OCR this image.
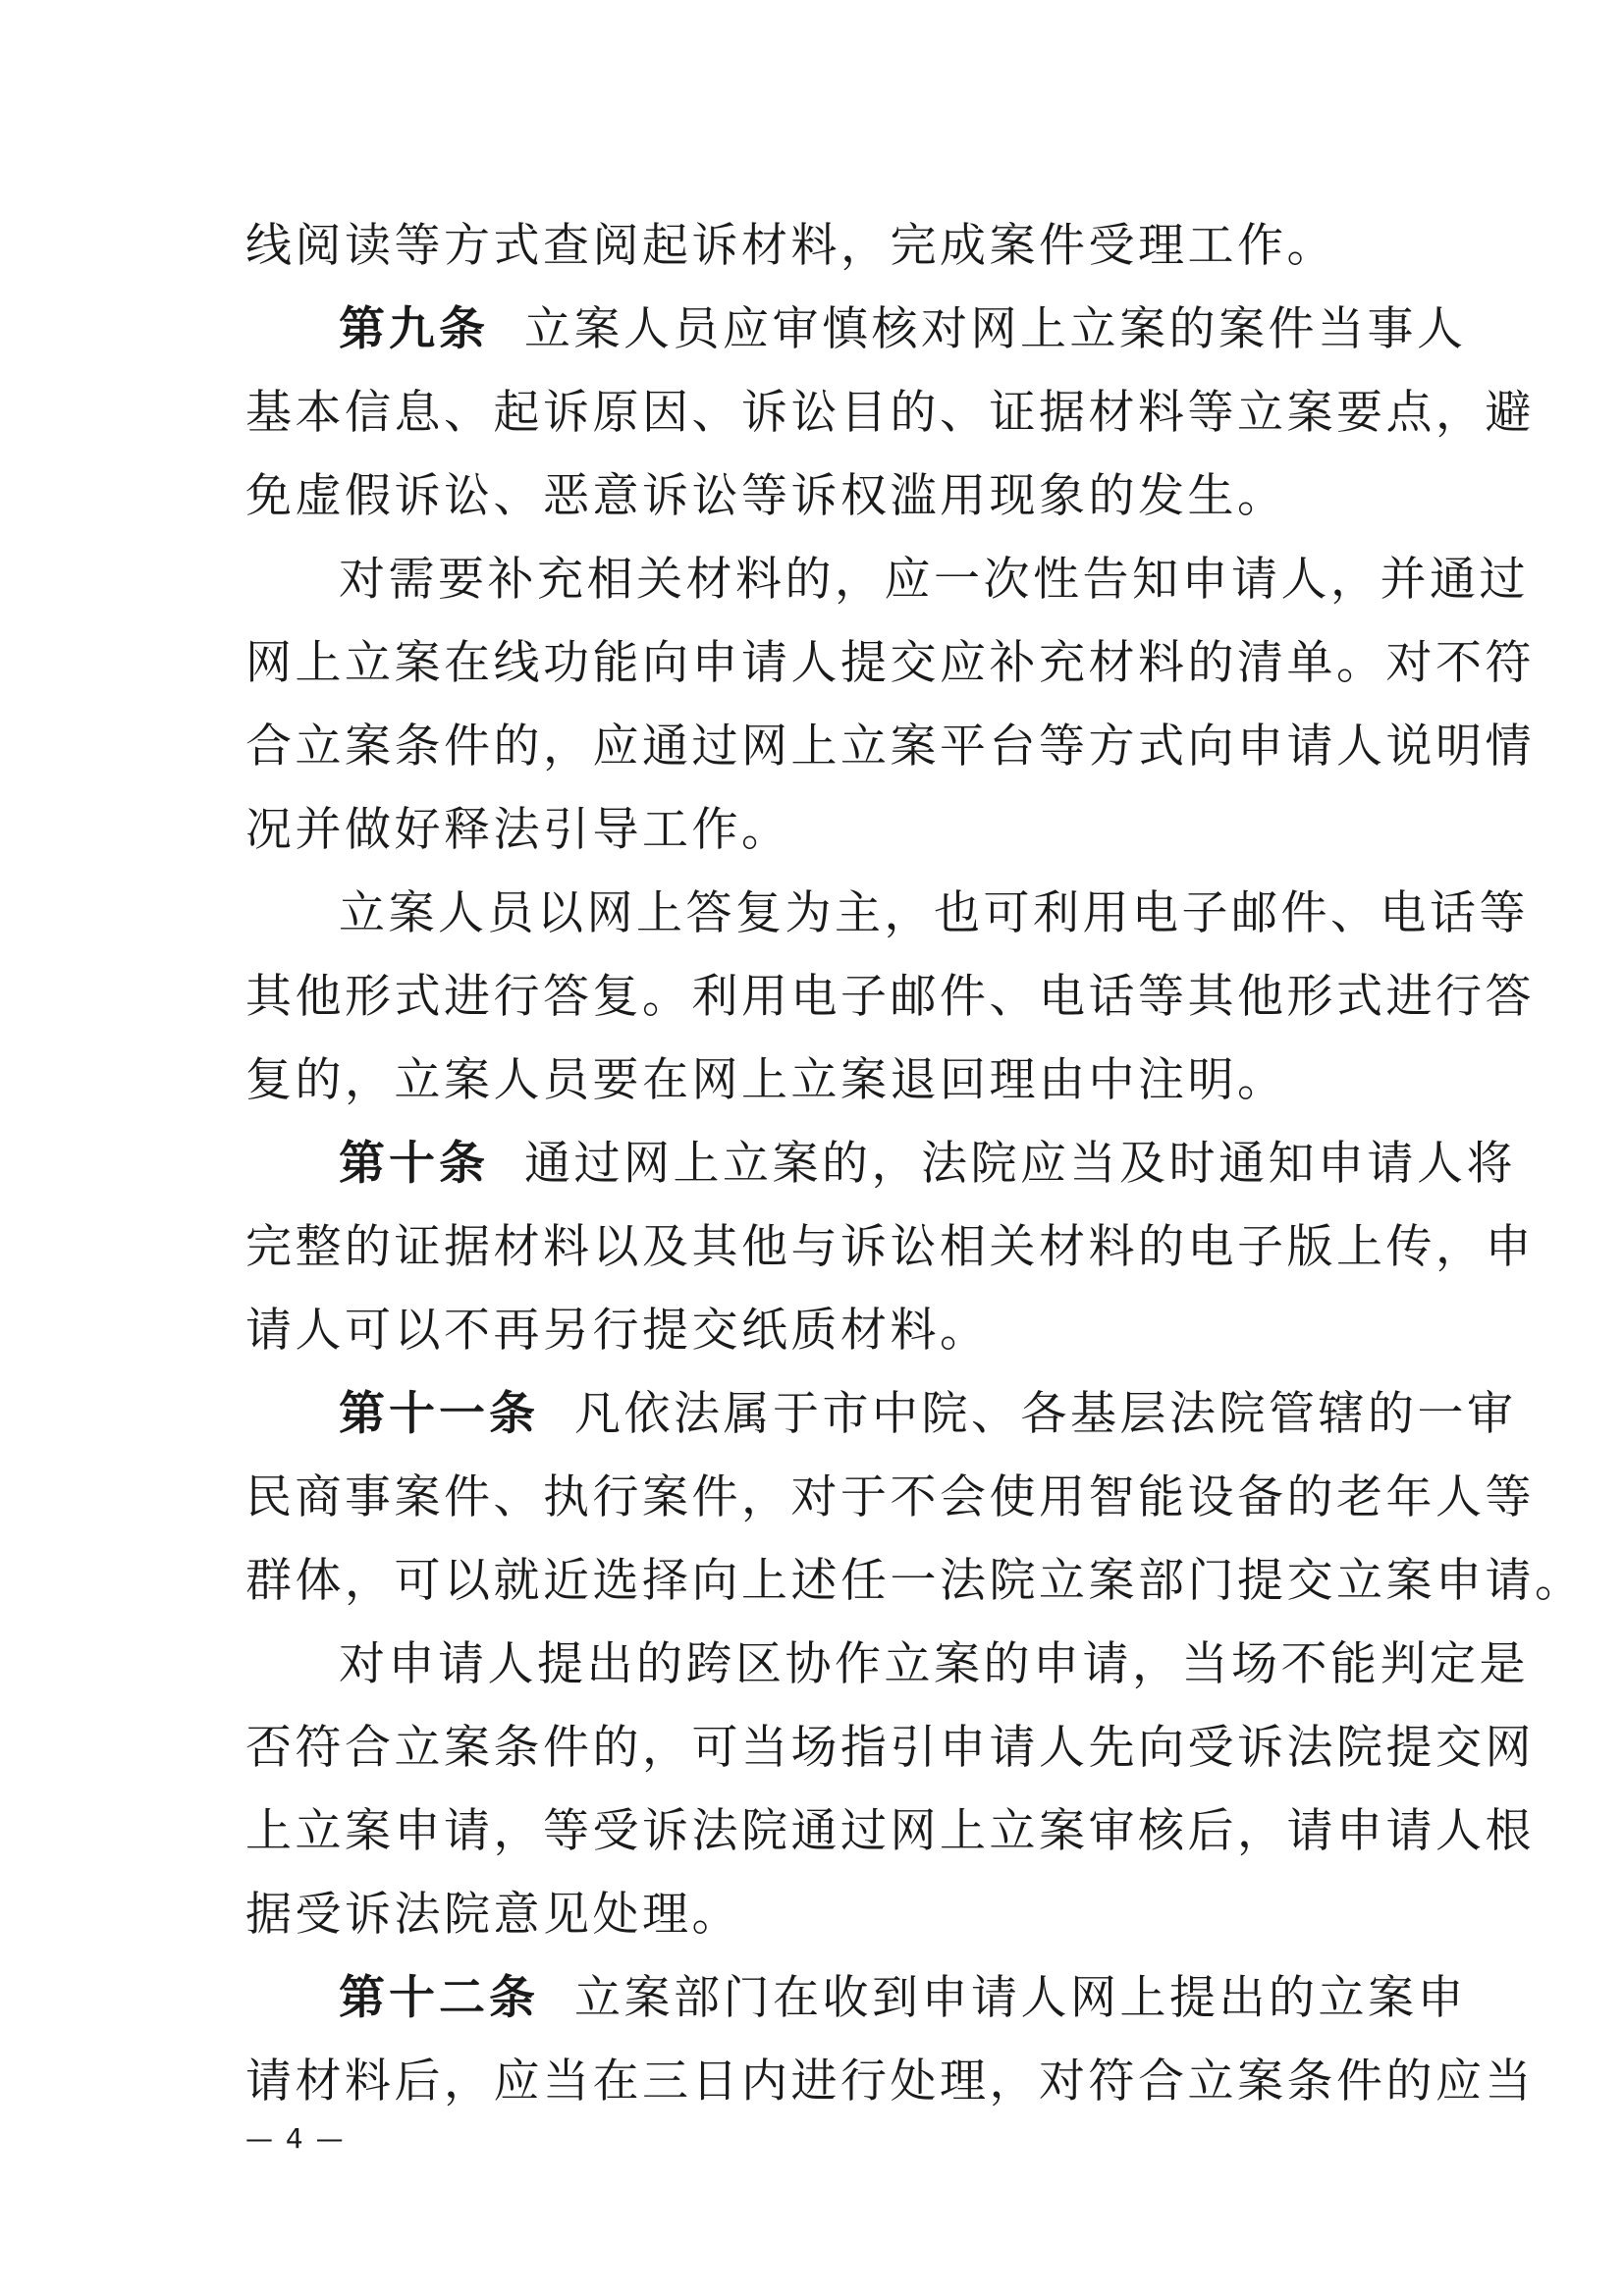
线阅读等方式查阅起诉材料，完成案件受理工作。
第九条 立案人员应审慎核对网上立案的案件当事人
基本信息、起诉原因、诉讼目的、证据材料等立案要点，避
免虚假诉讼、恶意诉讼等诉权滥用现象的发生。
对需要补充相关材料的，应一次性告知申请人，并通过
网上立案在线功能向申请人提交应补充材料的清单。对不符
合立案条件的，应通过网上立案平台等方式向申请人说明情
况并做好释法引导工作。
立案人员以网上答复为主，也可利用电子邮件、电话等
其他形式进行答复。利用电子邮件、电话等其他形式进行答
复的，立案人员要在网上立案退回理由中注明。
第十条 通过网上立案的，法院应当及时通知申请人将
完整的证据材料以及其他与诉讼相关材料的电子版上传，申
请人可以不再另行提交纸质材料。
第十一条 凡依法属于市中院、各基层法院管辖的一审
民商事案件、执行案件，对于不会使用智能设备的老年人等
群体，可以就近选择向上述任一法院立案部门提交立案申请。
对申请人提出的跨区协作立案的申请，当场不能判定是
否符合立案条件的，可当场指引申请人先向受诉法院提交网
上立案申请，等受诉法院通过网上立案审核后，请申请人根
据受诉法院意见处理。
第十二条 立案部门在收到申请人网上提出的立案申
请材料后，应当在三日内进行处理，对符合立案条件的应当
— 4 —
